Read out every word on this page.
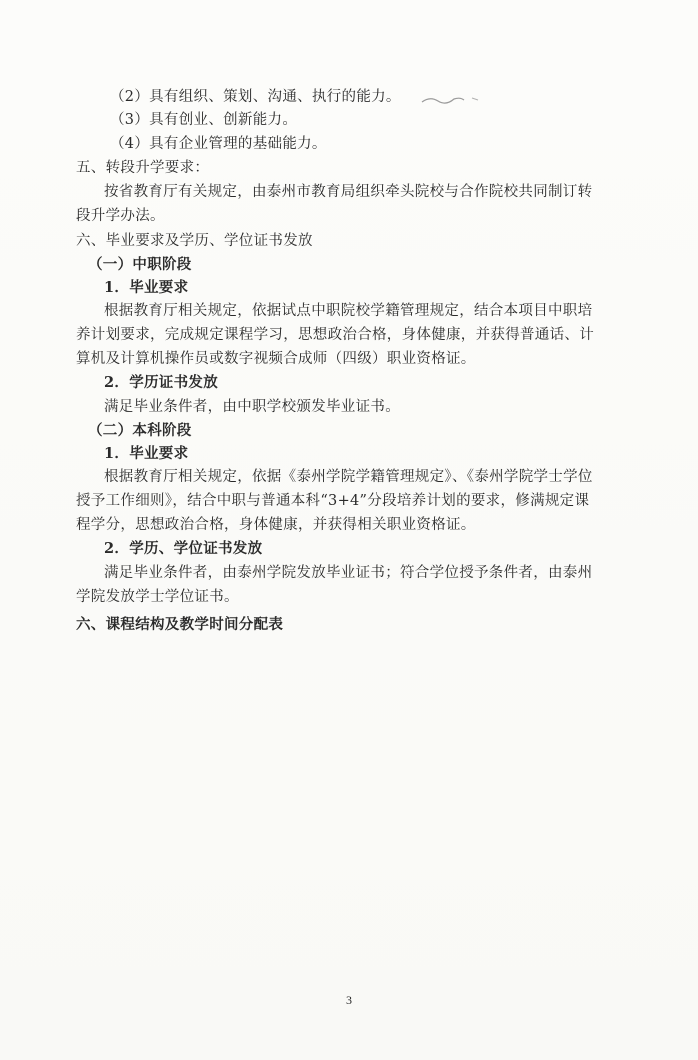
（2）具有组织、策划、沟通、执行的能力。
（3）具有创业、创新能力。
（4）具有企业管理的基础能力。
五、转段升学要求：
按省教育厅有关规定，由泰州市教育局组织牵头院校与合作院校共同制订转
段升学办法。
六、毕业要求及学历、学位证书发放
（一）中职阶段
1．毕业要求
根据教育厅相关规定，依据试点中职院校学籍管理规定，结合本项目中职培
养计划要求，完成规定课程学习，思想政治合格，身体健康，并获得普通话、计
算机及计算机操作员或数字视频合成师（四级）职业资格证。
2．学历证书发放
满足毕业条件者，由中职学校颁发毕业证书。
（二）本科阶段
1．毕业要求
根据教育厅相关规定，依据《泰州学院学籍管理规定》、《泰州学院学士学位
授予工作细则》，结合中职与普通本科“3+4”分段培养计划的要求，修满规定课
程学分，思想政治合格，身体健康，并获得相关职业资格证。
2．学历、学位证书发放
满足毕业条件者，由泰州学院发放毕业证书；符合学位授予条件者，由泰州
学院发放学士学位证书。
六、课程结构及教学时间分配表
3
